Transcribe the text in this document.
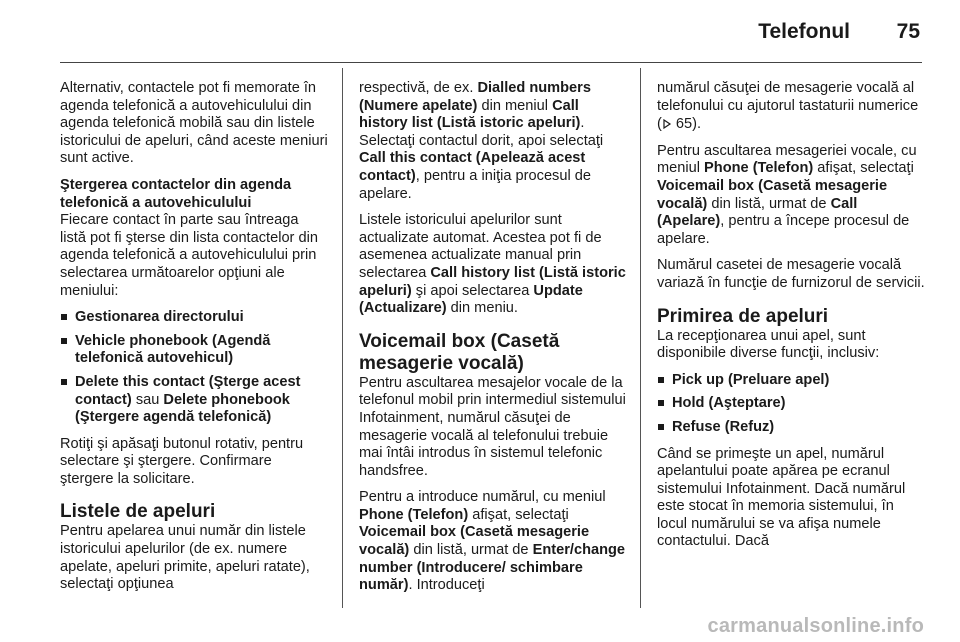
Telefonul 75

Alternativ, contactele pot fi memorate în agenda telefonică a autovehiculului din agenda telefonică mobilă sau din listele istoricului de apeluri, când aceste meniuri sunt active.

Ştergerea contactelor din agenda telefonică a autovehiculului

Fiecare contact în parte sau întreaga listă pot fi şterse din lista contactelor din agenda telefonică a autovehiculului prin selectarea următoarelor opţiuni ale meniului:

Gestionarea directorului
Vehicle phonebook (Agendă telefonică autovehicul)
Delete this contact (Şterge acest contact) sau Delete phonebook (Ştergere agendă telefonică)

Rotiţi şi apăsaţi butonul rotativ, pentru selectare şi ştergere. Confirmare ştergere la solicitare.

Listele de apeluri

Pentru apelarea unui număr din listele istoricului apelurilor (de ex. numere apelate, apeluri primite, apeluri ratate), selectaţi opţiunea

respectivă, de ex. Dialled numbers (Numere apelate) din meniul Call history list (Listă istoric apeluri). Selectaţi contactul dorit, apoi selectaţi Call this contact (Apelează acest contact), pentru a iniţia procesul de apelare.

Listele istoricului apelurilor sunt actualizate automat. Acestea pot fi de asemenea actualizate manual prin selectarea Call history list (Listă istoric apeluri) şi apoi selectarea Update (Actualizare) din meniu.

Voicemail box (Casetă mesagerie vocală)

Pentru ascultarea mesajelor vocale de la telefonul mobil prin intermediul sistemului Infotainment, numărul căsuţei de mesagerie vocală al telefonului trebuie mai întâi introdus în sistemul telefonic handsfree.

Pentru a introduce numărul, cu meniul Phone (Telefon) afişat, selectaţi Voicemail box (Casetă mesagerie vocală) din listă, urmat de Enter/change number (Introducere/ schimbare număr). Introduceţi

numărul căsuţei de mesagerie vocală al telefonului cu ajutorul tastaturii numerice ( 65).

Pentru ascultarea mesageriei vocale, cu meniul Phone (Telefon) afişat, selectaţi Voicemail box (Casetă mesagerie vocală) din listă, urmat de Call (Apelare), pentru a începe procesul de apelare.

Numărul casetei de mesagerie vocală variază în funcţie de furnizorul de servicii.

Primirea de apeluri

La recepţionarea unui apel, sunt disponibile diverse funcţii, inclusiv:

Pick up (Preluare apel)
Hold (Aşteptare)
Refuse (Refuz)

Când se primeşte un apel, numărul apelantului poate apărea pe ecranul sistemului Infotainment. Dacă numărul este stocat în memoria sistemului, în locul numărului se va afişa numele contactului. Dacă

carmanualsonline.info
